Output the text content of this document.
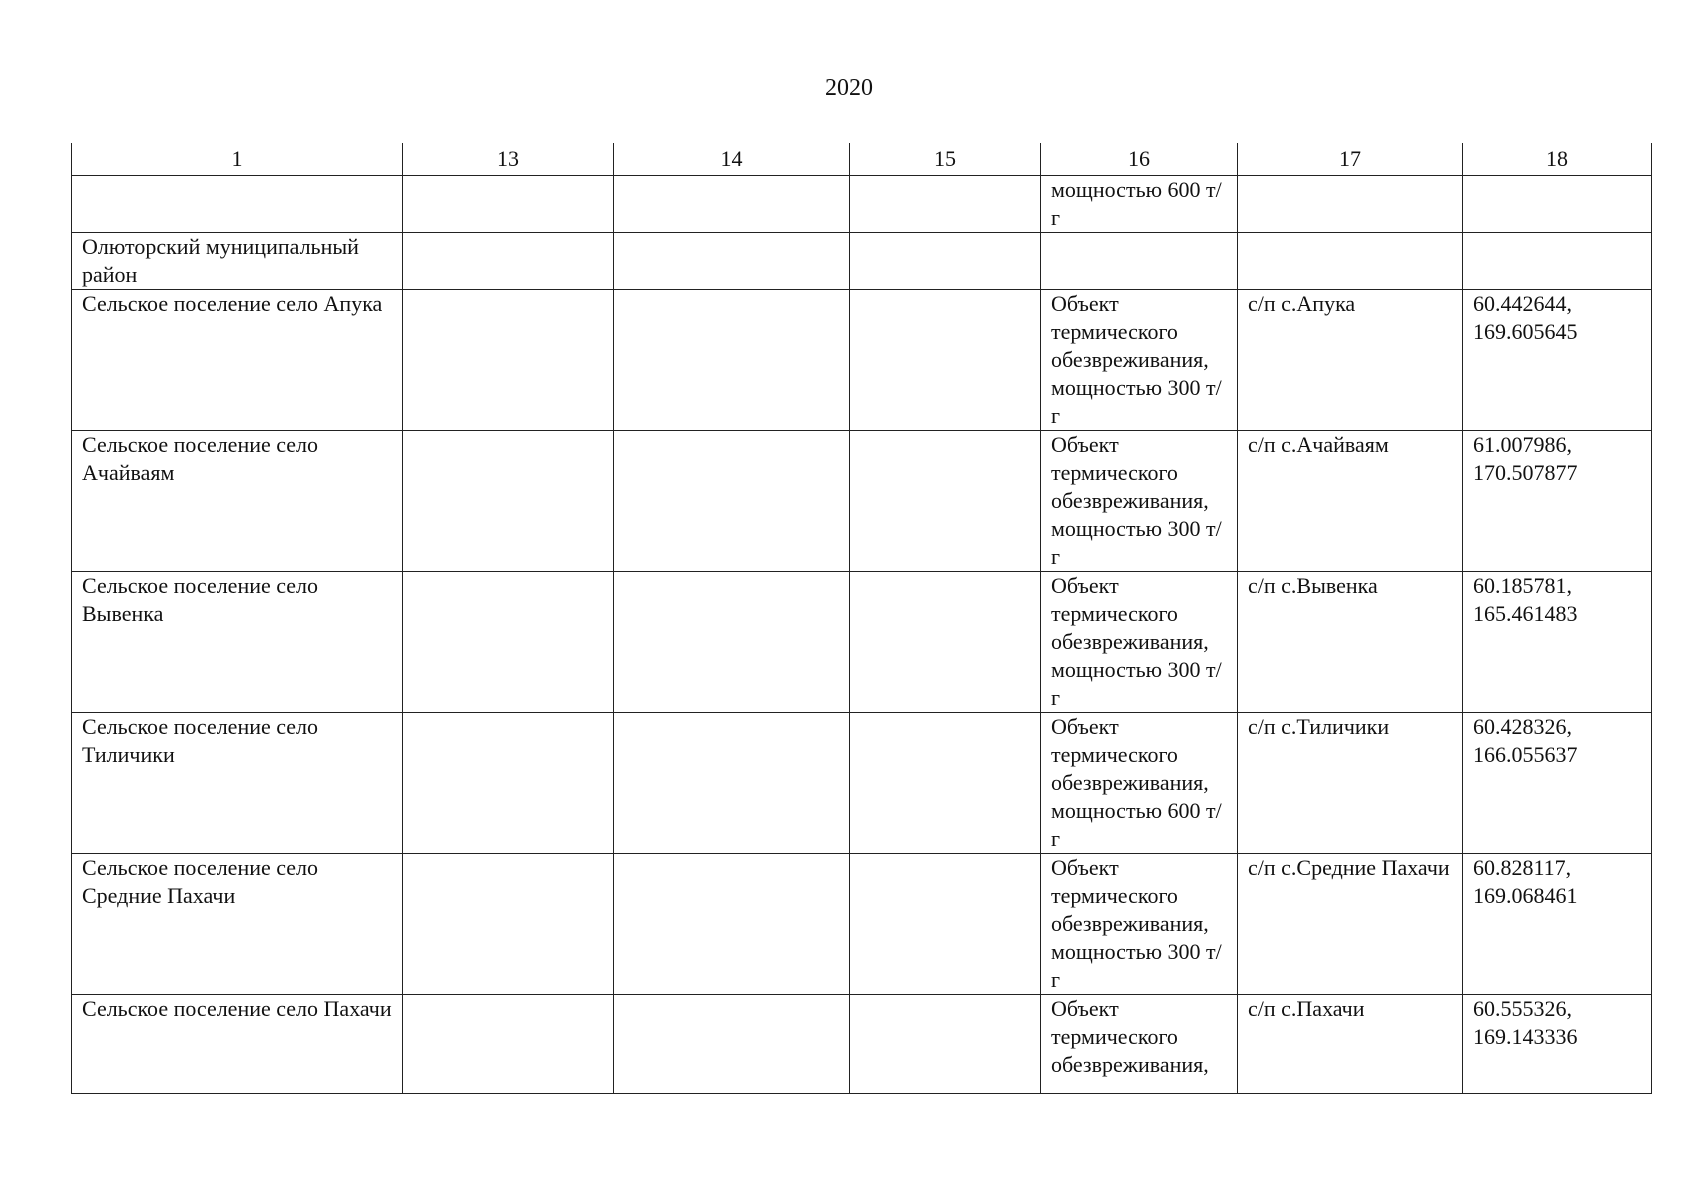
2020
1	13	14	15	16	17	18
				мощностью 600 т/г		
Олюторский муниципальный район						
Сельское поселение село Апука				Объект термического обезвреживания, мощностью 300 т/г	с/п с.Апука	60.442644, 169.605645
Сельское поселение село Ачайваям				Объект термического обезвреживания, мощностью 300 т/г	с/п с.Ачайваям	61.007986, 170.507877
Сельское поселение село Вывенка				Объект термического обезвреживания, мощностью 300 т/г	с/п с.Вывенка	60.185781, 165.461483
Сельское поселение село Тиличики				Объект термического обезвреживания, мощностью 600 т/г	с/п с.Тиличики	60.428326, 166.055637
Сельское поселение село Средние Пахачи				Объект термического обезвреживания, мощностью 300 т/г	с/п с.Средние Пахачи	60.828117, 169.068461
Сельское поселение село Пахачи				Объект термического обезвреживания,	с/п с.Пахачи	60.555326, 169.143336
